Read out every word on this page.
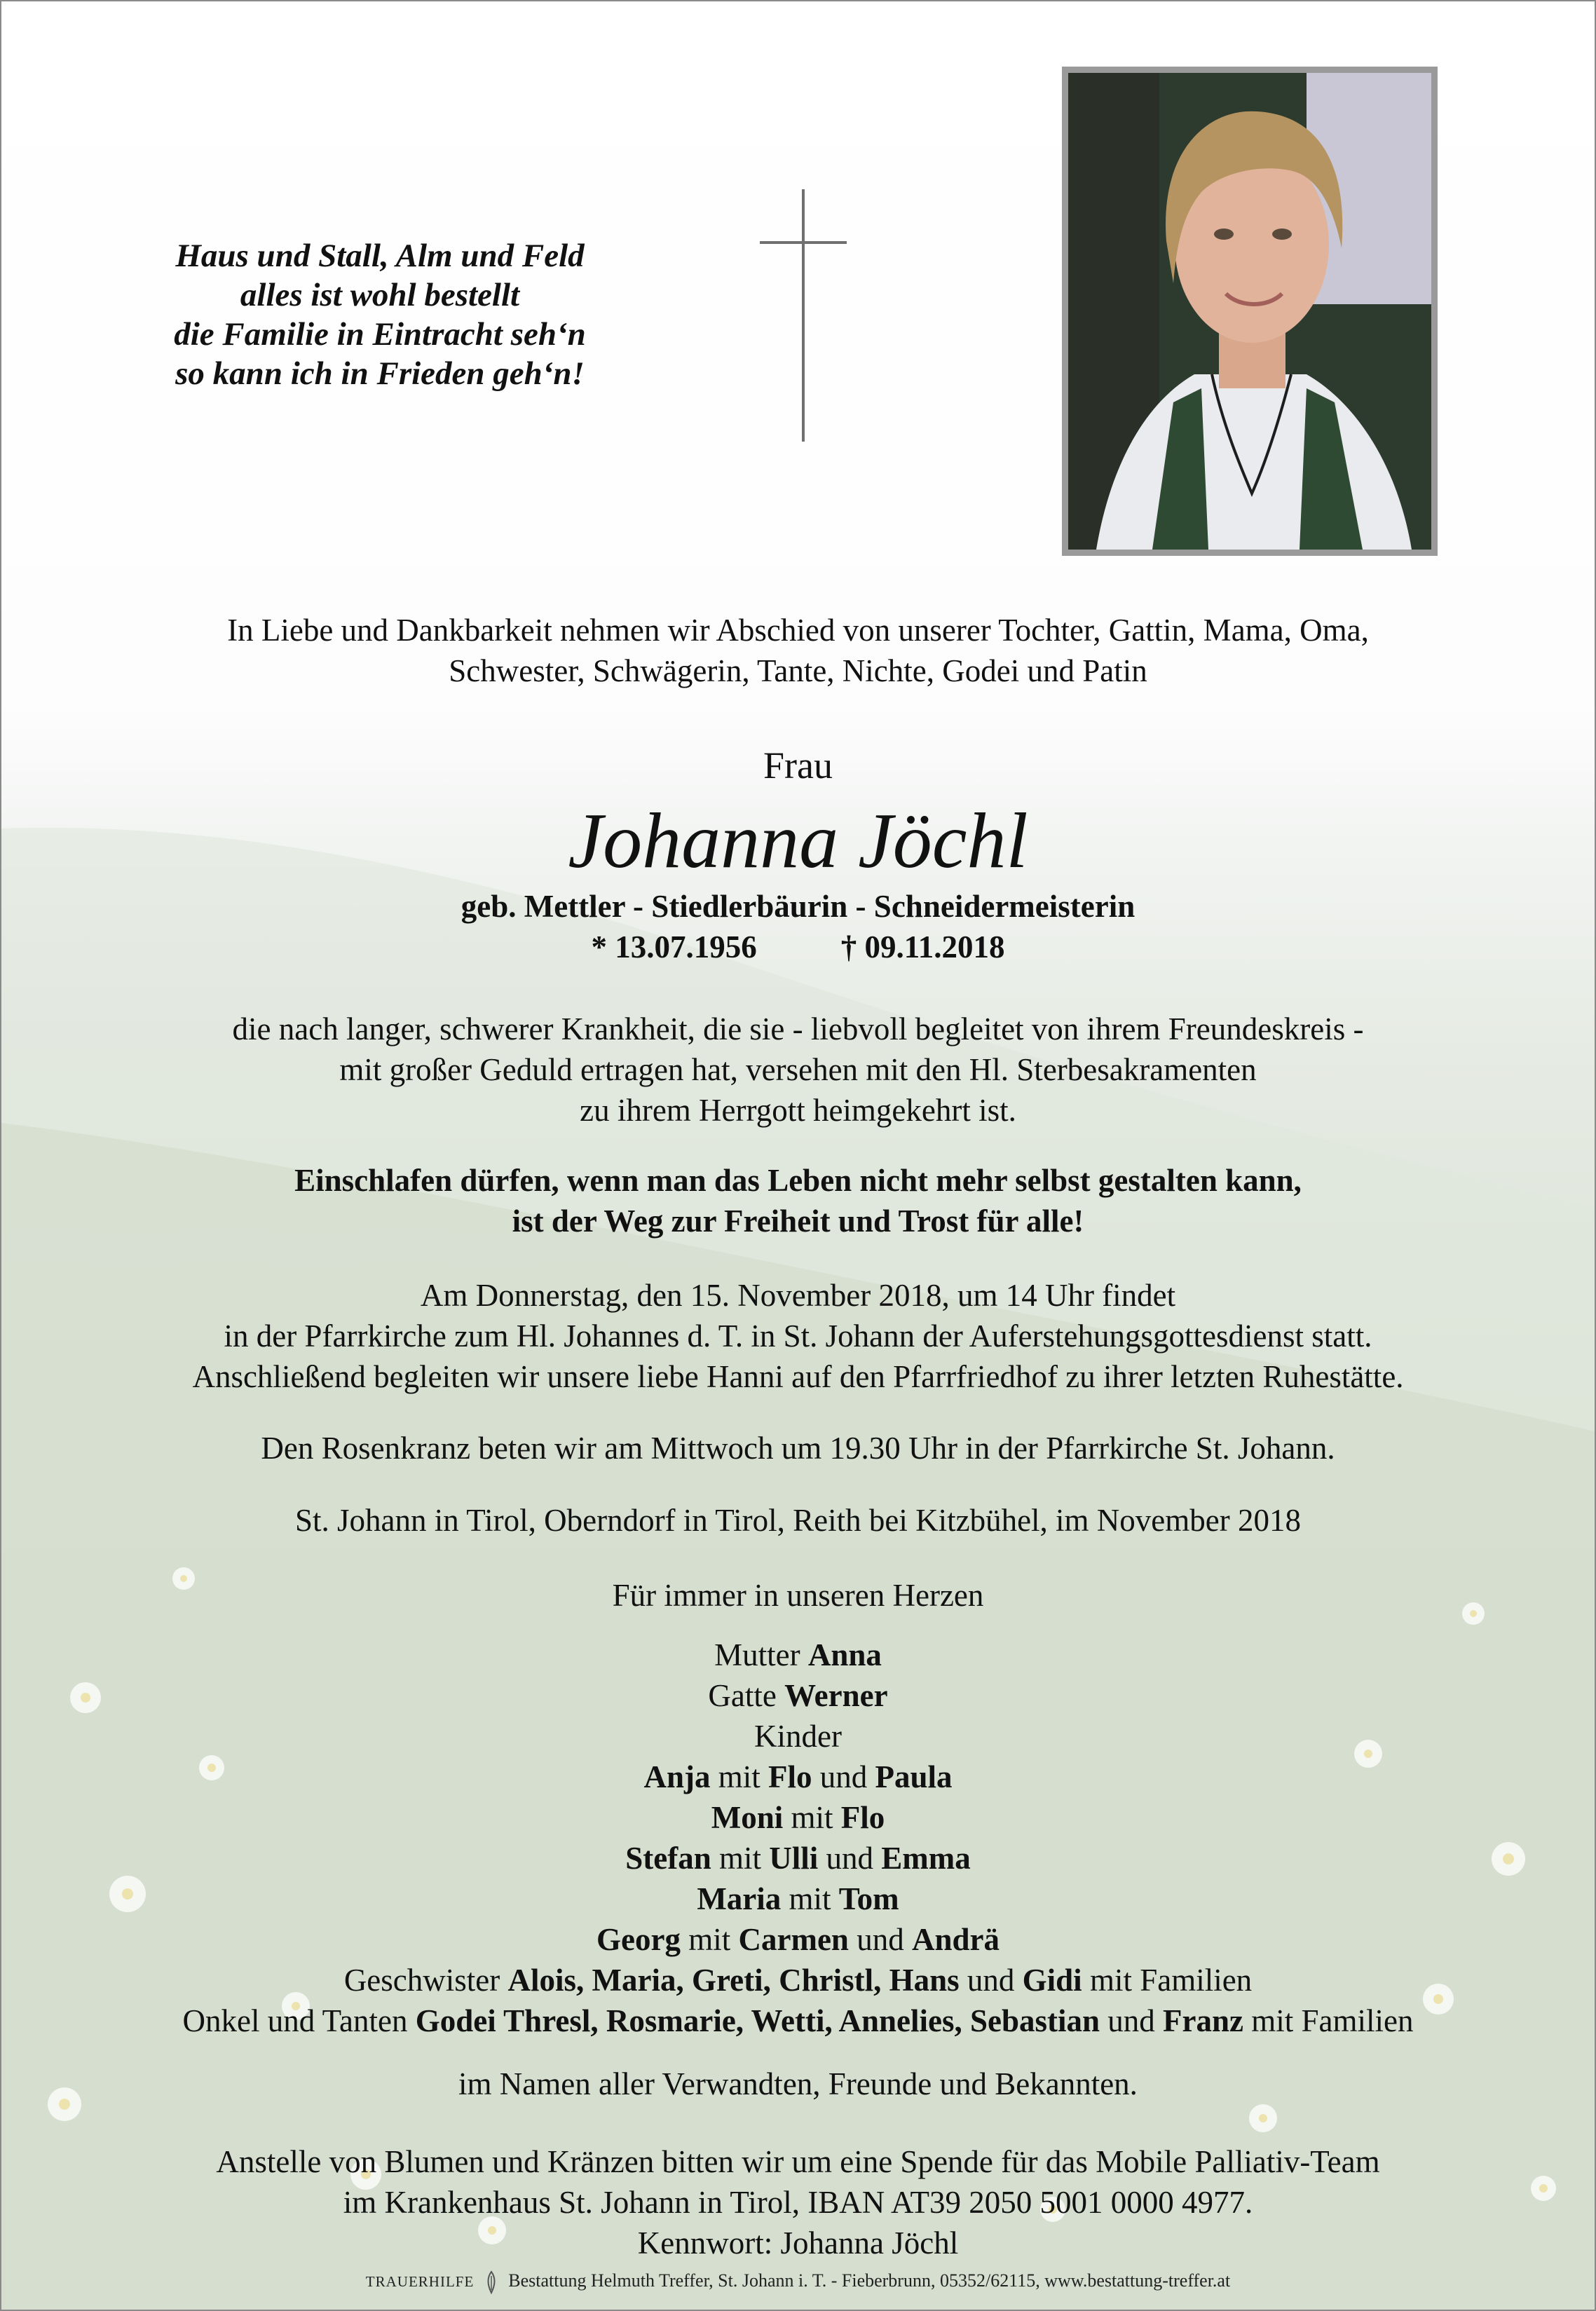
Haus und Stall, Alm und Feld
alles ist wohl bestellt
die Familie in Eintracht seh‘n
so kann ich in Frieden geh‘n!
In Liebe und Dankbarkeit nehmen wir Abschied von unserer Tochter, Gattin, Mama, Oma,
Schwester, Schwägerin, Tante, Nichte, Godei und Patin
Frau
Johanna Jöchl
geb. Mettler - Stiedlerbäurin - Schneidermeisterin
* 13.07.1956	† 09.11.2018
die nach langer, schwerer Krankheit, die sie - liebvoll begleitet von ihrem Freundeskreis -
mit großer Geduld ertragen hat, versehen mit den Hl. Sterbesakramenten
zu ihrem Herrgott heimgekehrt ist.
Einschlafen dürfen, wenn man das Leben nicht mehr selbst gestalten kann,
ist der Weg zur Freiheit und Trost für alle!
Am Donnerstag, den 15. November 2018, um 14 Uhr findet
in der Pfarrkirche zum Hl. Johannes d. T. in St. Johann der Auferstehungsgottesdienst statt.
Anschließend begleiten wir unsere liebe Hanni auf den Pfarrfriedhof zu ihrer letzten Ruhestätte.
Den Rosenkranz beten wir am Mittwoch um 19.30 Uhr in der Pfarrkirche St. Johann.
St. Johann in Tirol, Oberndorf in Tirol, Reith bei Kitzbühel, im November 2018
Für immer in unseren Herzen
Mutter Anna
Gatte Werner
Kinder
Anja mit Flo und Paula
Moni mit Flo
Stefan mit Ulli und Emma
Maria mit Tom
Georg mit Carmen und Andrä
Geschwister Alois, Maria, Greti, Christl, Hans und Gidi mit Familien
Onkel und Tanten Godei Thresl, Rosmarie, Wetti, Annelies, Sebastian und Franz mit Familien
im Namen aller Verwandten, Freunde und Bekannten.
Anstelle von Blumen und Kränzen bitten wir um eine Spende für das Mobile Palliativ-Team
im Krankenhaus St. Johann in Tirol, IBAN AT39 2050 5001 0000 4977.
Kennwort: Johanna Jöchl
TRAUERHILFE Bestattung Helmuth Treffer, St. Johann i. T. - Fieberbrunn, 05352/62115, www.bestattung-treffer.at
